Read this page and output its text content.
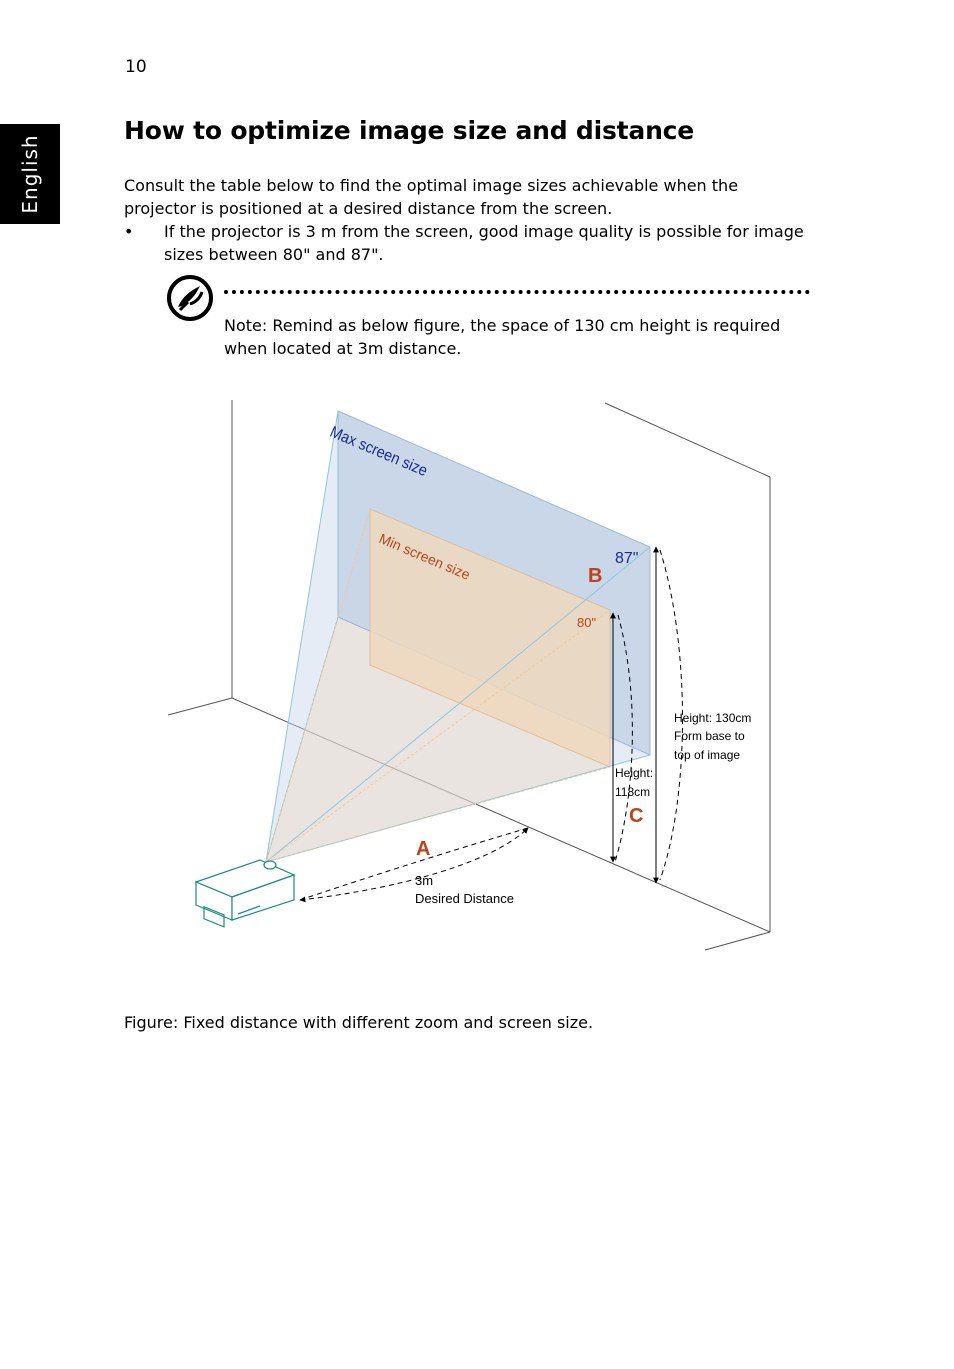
10
English
How to optimize image size and distance

Consult the table below to find the optimal image sizes achievable when the projector is positioned at a desired distance from the screen.

• If the projector is 3 m from the screen, good image quality is possible for image sizes between 80" and 87".
Note: Remind as below figure, the space of 130 cm height is required when located at 3m distance.
Max screen size
Min screen size	87"
80"
B
A
C
3m
Desired Distance
Height:
118cm
Height: 130cm
Form base to
top of image
Figure: Fixed distance with different zoom and screen size.
